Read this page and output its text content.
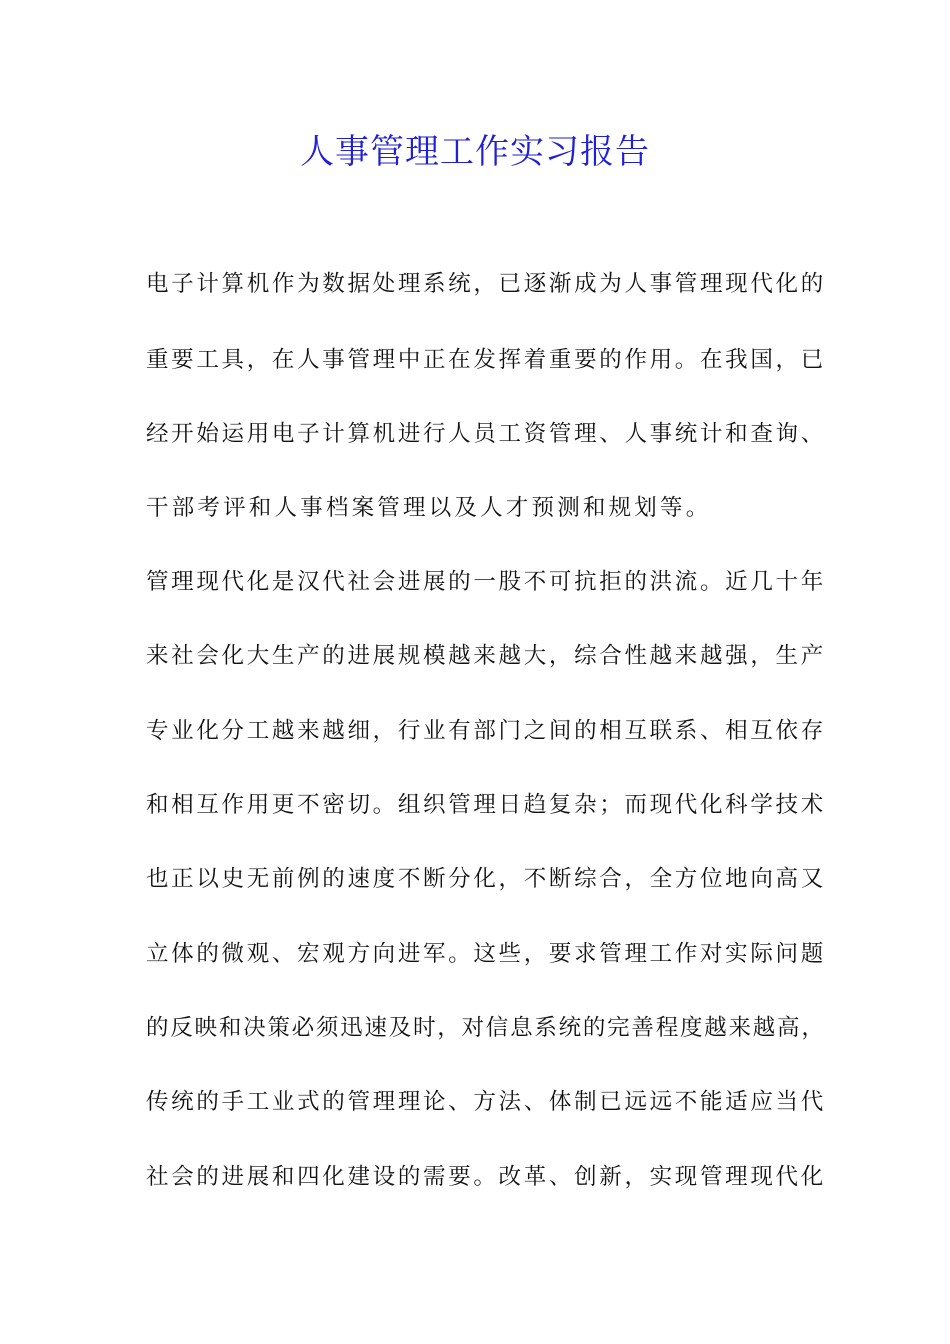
人事管理工作实习报告

电子计算机作为数据处理系统，已逐渐成为人事管理现代化的

重要工具，在人事管理中正在发挥着重要的作用。在我国，已

经开始运用电子计算机进行人员工资管理、人事统计和查询、

干部考评和人事档案管理以及人才预测和规划等。

管理现代化是汉代社会进展的一股不可抗拒的洪流。近几十年

来社会化大生产的进展规模越来越大，综合性越来越强，生产

专业化分工越来越细，行业有部门之间的相互联系、相互依存

和相互作用更不密切。组织管理日趋复杂；而现代化科学技术

也正以史无前例的速度不断分化，不断综合，全方位地向高又

立体的微观、宏观方向进军。这些，要求管理工作对实际问题

的反映和决策必须迅速及时，对信息系统的完善程度越来越高，

传统的手工业式的管理理论、方法、体制已远远不能适应当代

社会的进展和四化建设的需要。改革、创新，实现管理现代化
